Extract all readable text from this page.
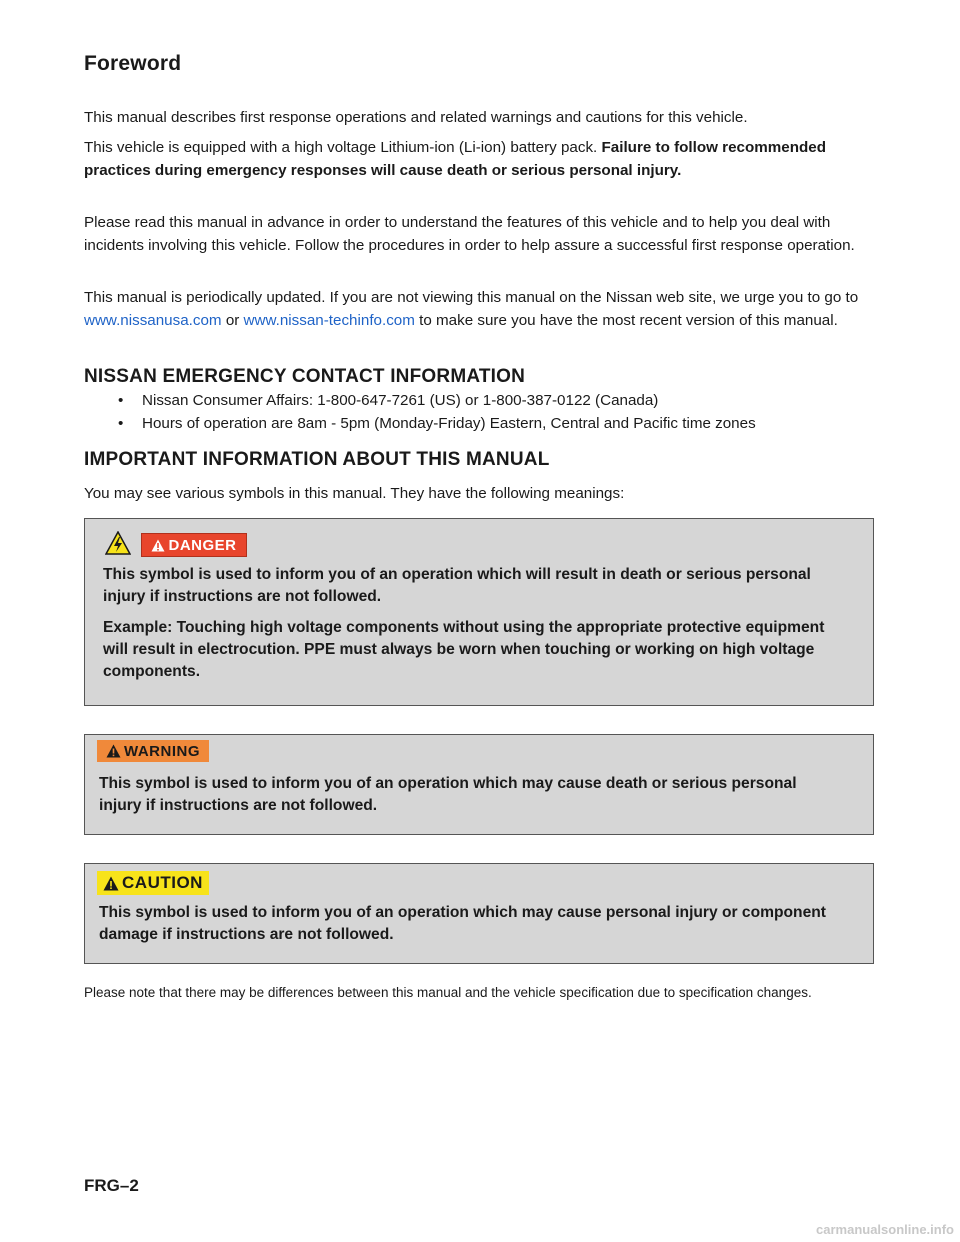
Foreword

This manual describes first response operations and related warnings and cautions for this vehicle.

This vehicle is equipped with a high voltage Lithium-ion (Li-ion) battery pack. Failure to follow recommended practices during emergency responses will cause death or serious personal injury.

Please read this manual in advance in order to understand the features of this vehicle and to help you deal with incidents involving this vehicle. Follow the procedures in order to help assure a successful first response operation.

This manual is periodically updated. If you are not viewing this manual on the Nissan web site, we urge you to go to www.nissanusa.com or www.nissan-techinfo.com to make sure you have the most recent version of this manual.

NISSAN EMERGENCY CONTACT INFORMATION
• Nissan Consumer Affairs: 1-800-647-7261 (US) or 1-800-387-0122 (Canada)
• Hours of operation are 8am - 5pm (Monday-Friday) Eastern, Central and Pacific time zones
IMPORTANT INFORMATION ABOUT THIS MANUAL

You may see various symbols in this manual. They have the following meanings:

DANGER
This symbol is used to inform you of an operation which will result in death or serious personal injury if instructions are not followed.
Example: Touching high voltage components without using the appropriate protective equipment will result in electrocution. PPE must always be worn when touching or working on high voltage components.
WARNING
This symbol is used to inform you of an operation which may cause death or serious personal injury if instructions are not followed.
CAUTION
This symbol is used to inform you of an operation which may cause personal injury or component damage if instructions are not followed.

Please note that there may be differences between this manual and the vehicle specification due to specification changes.

FRG–2
carmanualsonline.info
